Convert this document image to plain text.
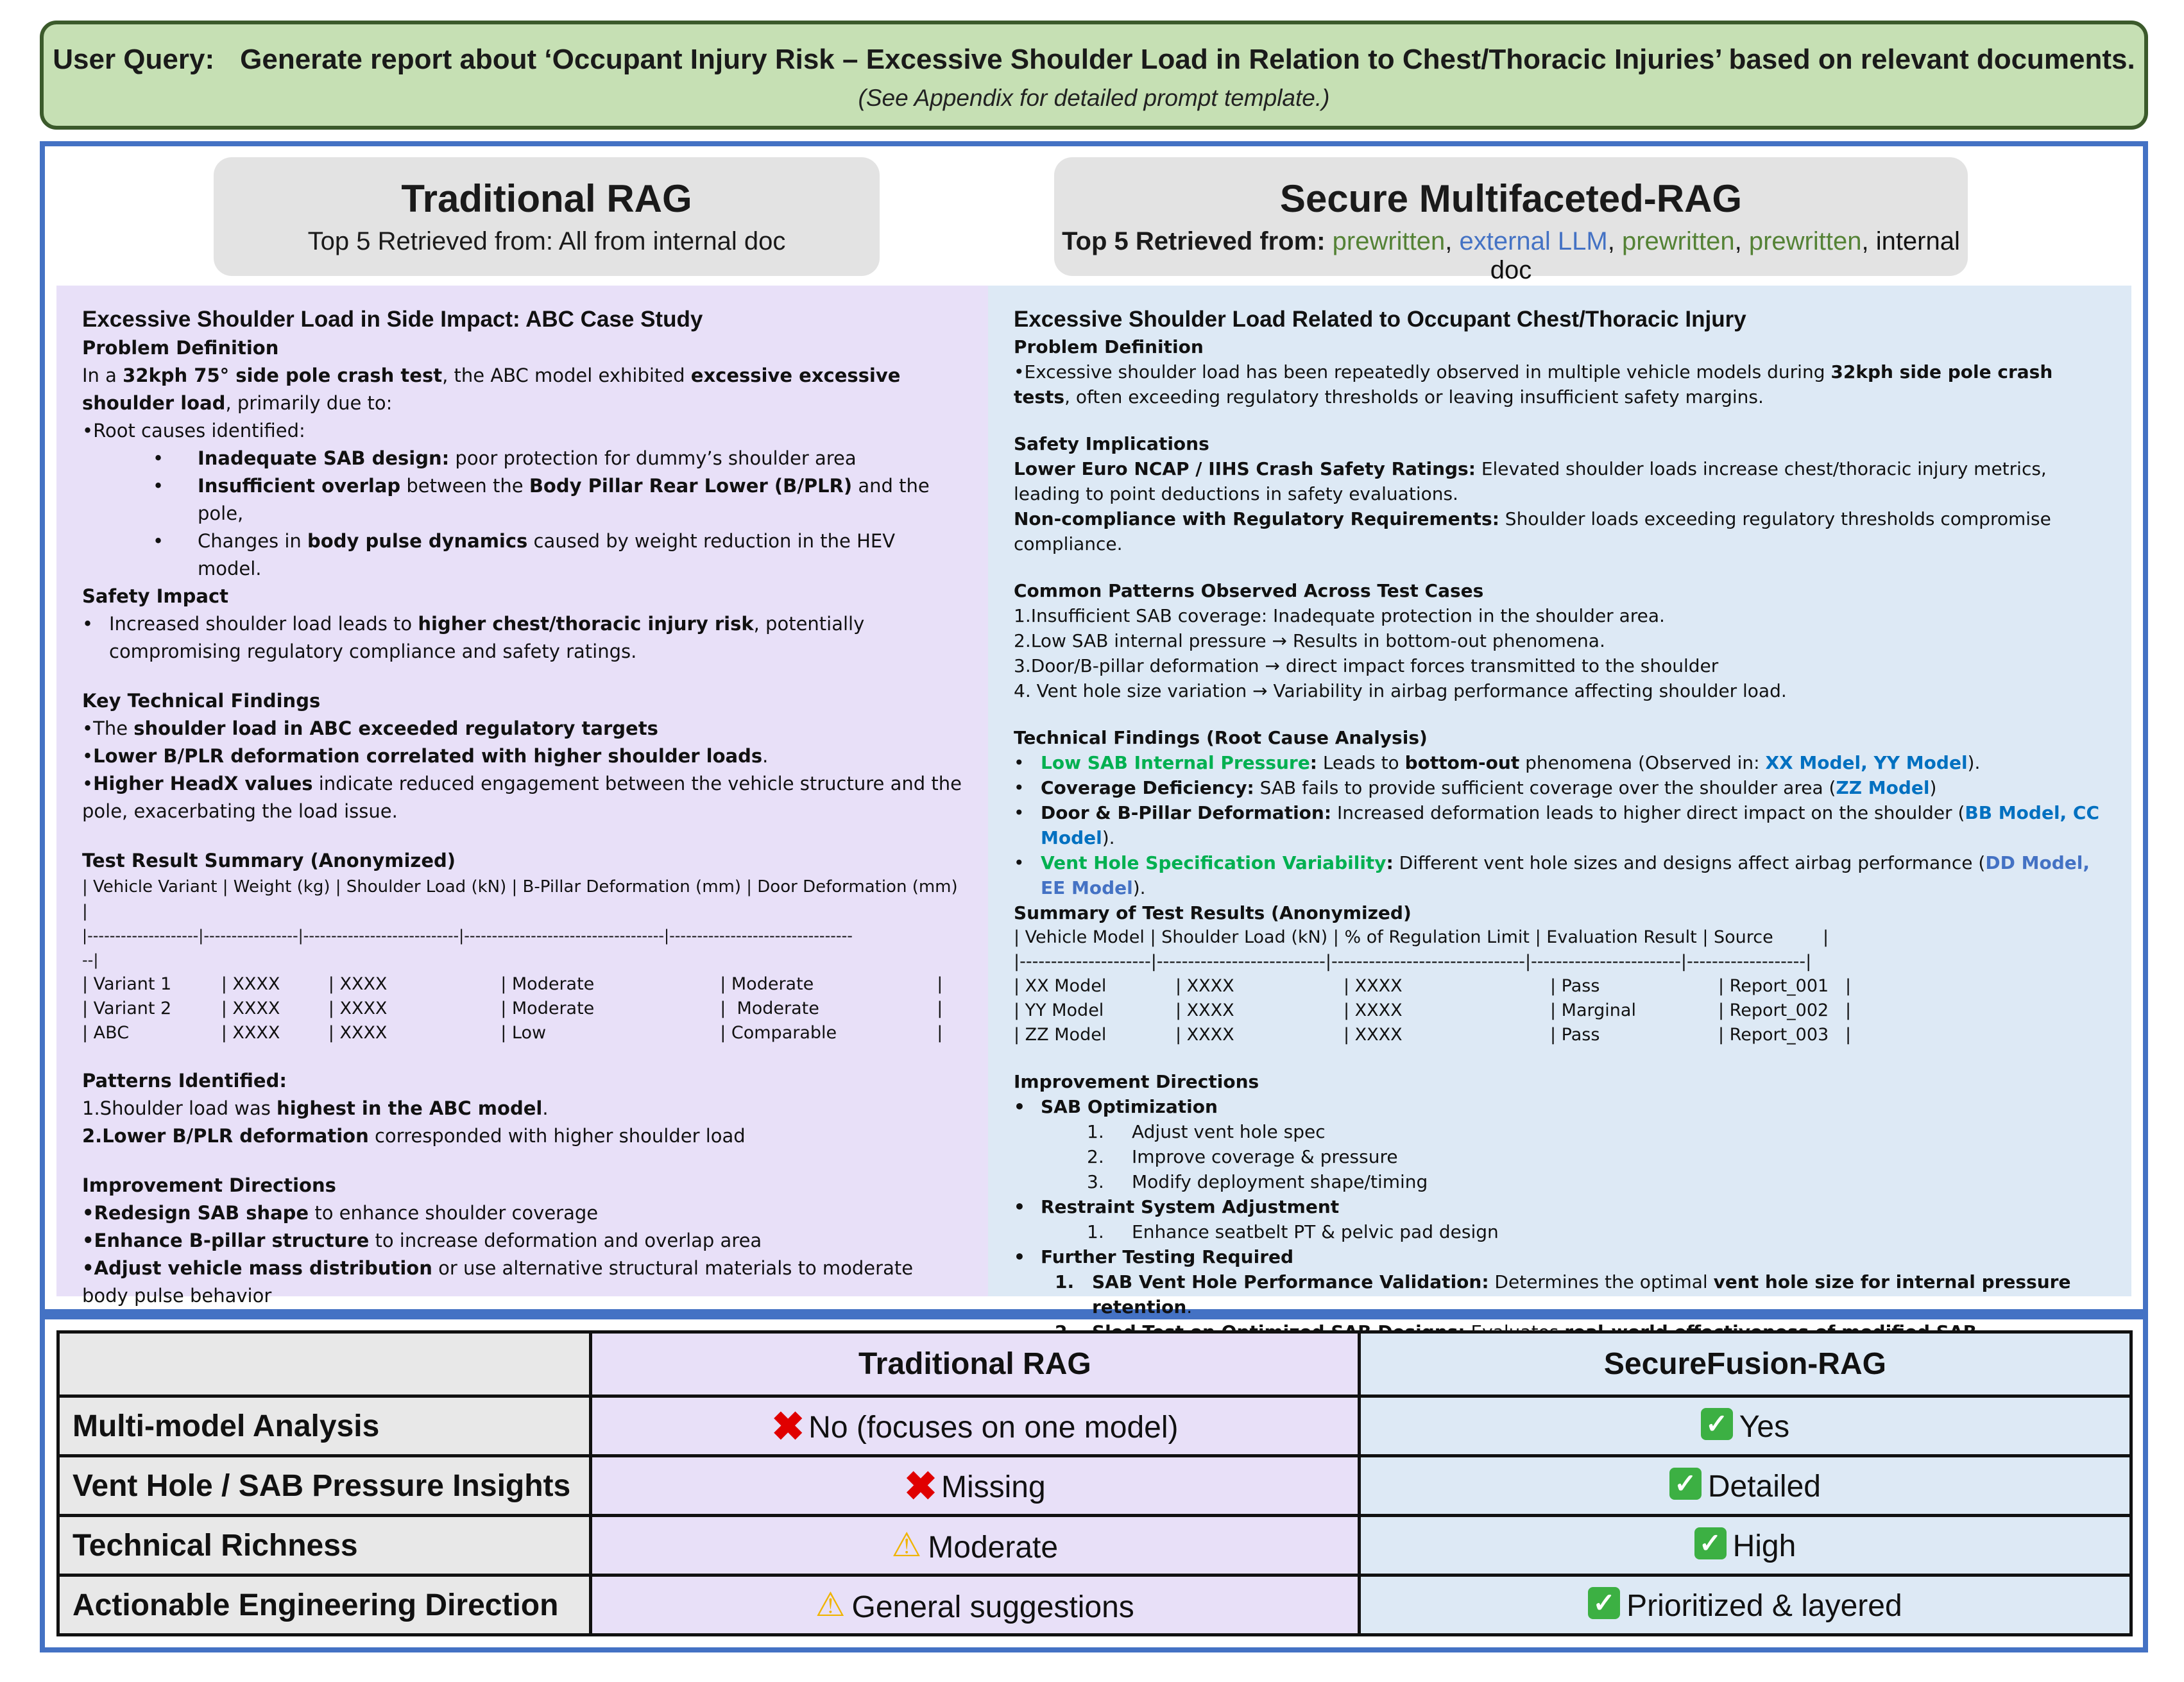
User Query: Generate report about ‘Occupant Injury Risk – Excessive Shoulder Load in Relation to Chest/Thoracic Injuries’ based on relevant documents.
(See Appendix for detailed prompt template.)
Traditional RAG
Top 5 Retrieved from: All from internal doc
Secure Multifaceted-RAG
Top 5 Retrieved from: prewritten, external LLM, prewritten, prewritten, internal doc
Excessive Shoulder Load in Side Impact: ABC Case Study
Problem Definition
In a 32kph 75° side pole crash test, the ABC model exhibited excessive excessive shoulder load, primarily due to:
•Root causes identified:
• Inadequate SAB design: poor protection for dummy’s shoulder area
• Insufficient overlap between the Body Pillar Rear Lower (B/PLR) and the pole,
• Changes in body pulse dynamics caused by weight reduction in the HEV model.
Safety Impact
• Increased shoulder load leads to higher chest/thoracic injury risk, potentially compromising regulatory compliance and safety ratings.
Key Technical Findings
•The shoulder load in ABC exceeded regulatory targets
•Lower B/PLR deformation correlated with higher shoulder loads.
•Higher HeadX values indicate reduced engagement between the vehicle structure and the pole, exacerbating the load issue.
Test Result Summary (Anonymized)
| Vehicle Variant | Weight (kg) | Shoulder Load (kN) | B-Pillar Deformation (mm) | Door Deformation (mm)
|
|--------------------|-----------------|----------------------------|------------------------------------|---------------------------------
--|
| Variant 1	| XXXX	| XXXX	| Moderate	| Moderate	|
| Variant 2	| XXXX	| XXXX	| Moderate	|  Moderate	|
| ABC	| XXXX	| XXXX	| Low	| Comparable	|
Patterns Identified:
1.Shoulder load was highest in the ABC model.
2.Lower B/PLR deformation corresponded with higher shoulder load
Improvement Directions
•Redesign SAB shape to enhance shoulder coverage
•Enhance B-pillar structure to increase deformation and overlap area
•Adjust vehicle mass distribution or use alternative structural materials to moderate body pulse behavior
Excessive Shoulder Load Related to Occupant Chest/Thoracic Injury
Problem Definition
•Excessive shoulder load has been repeatedly observed in multiple vehicle models during 32kph side pole crash tests, often exceeding regulatory thresholds or leaving insufficient safety margins.
Safety Implications
Lower Euro NCAP / IIHS Crash Safety Ratings: Elevated shoulder loads increase chest/thoracic injury metrics, leading to point deductions in safety evaluations.
Non-compliance with Regulatory Requirements: Shoulder loads exceeding regulatory thresholds compromise compliance.
Common Patterns Observed Across Test Cases
1.Insufficient SAB coverage: Inadequate protection in the shoulder area.
2.Low SAB internal pressure → Results in bottom-out phenomena.
3.Door/B-pillar deformation → direct impact forces transmitted to the shoulder
4. Vent hole size variation → Variability in airbag performance affecting shoulder load.
Technical Findings (Root Cause Analysis)
• Low SAB Internal Pressure: Leads to bottom-out phenomena (Observed in: XX Model, YY Model).
• Coverage Deficiency: SAB fails to provide sufficient coverage over the shoulder area (ZZ Model)
• Door & B-Pillar Deformation: Increased deformation leads to higher direct impact on the shoulder (BB Model, CC Model).
• Vent Hole Specification Variability: Different vent hole sizes and designs affect airbag performance (DD Model, EE Model).
Summary of Test Results (Anonymized)
| Vehicle Model | Shoulder Load (kN) | % of Regulation Limit | Evaluation Result | Source         |
|---------------------|---------------------------|-------------------------------|------------------------|-------------------|
| XX Model	| XXXX	| XXXX	| Pass	| Report_001   |
| YY Model	| XXXX	| XXXX	| Marginal	| Report_002   |
| ZZ Model	| XXXX	| XXXX	| Pass	| Report_003   |
Improvement Directions
• SAB Optimization
1. Adjust vent hole spec
2. Improve coverage & pressure
3. Modify deployment shape/timing
• Restraint System Adjustment
1. Enhance seatbelt PT & pelvic pad design
• Further Testing Required
1. SAB Vent Hole Performance Validation: Determines the optimal vent hole size for internal pressure retention.
	Traditional RAG	SecureFusion-RAG
Multi-model Analysis	✖ No (focuses on one model)	✓ Yes
Vent Hole / SAB Pressure Insights	✖ Missing	✓ Detailed
Technical Richness	⚠ Moderate	✓ High
Actionable Engineering Direction	⚠ General suggestions	✓ Prioritized & layered
